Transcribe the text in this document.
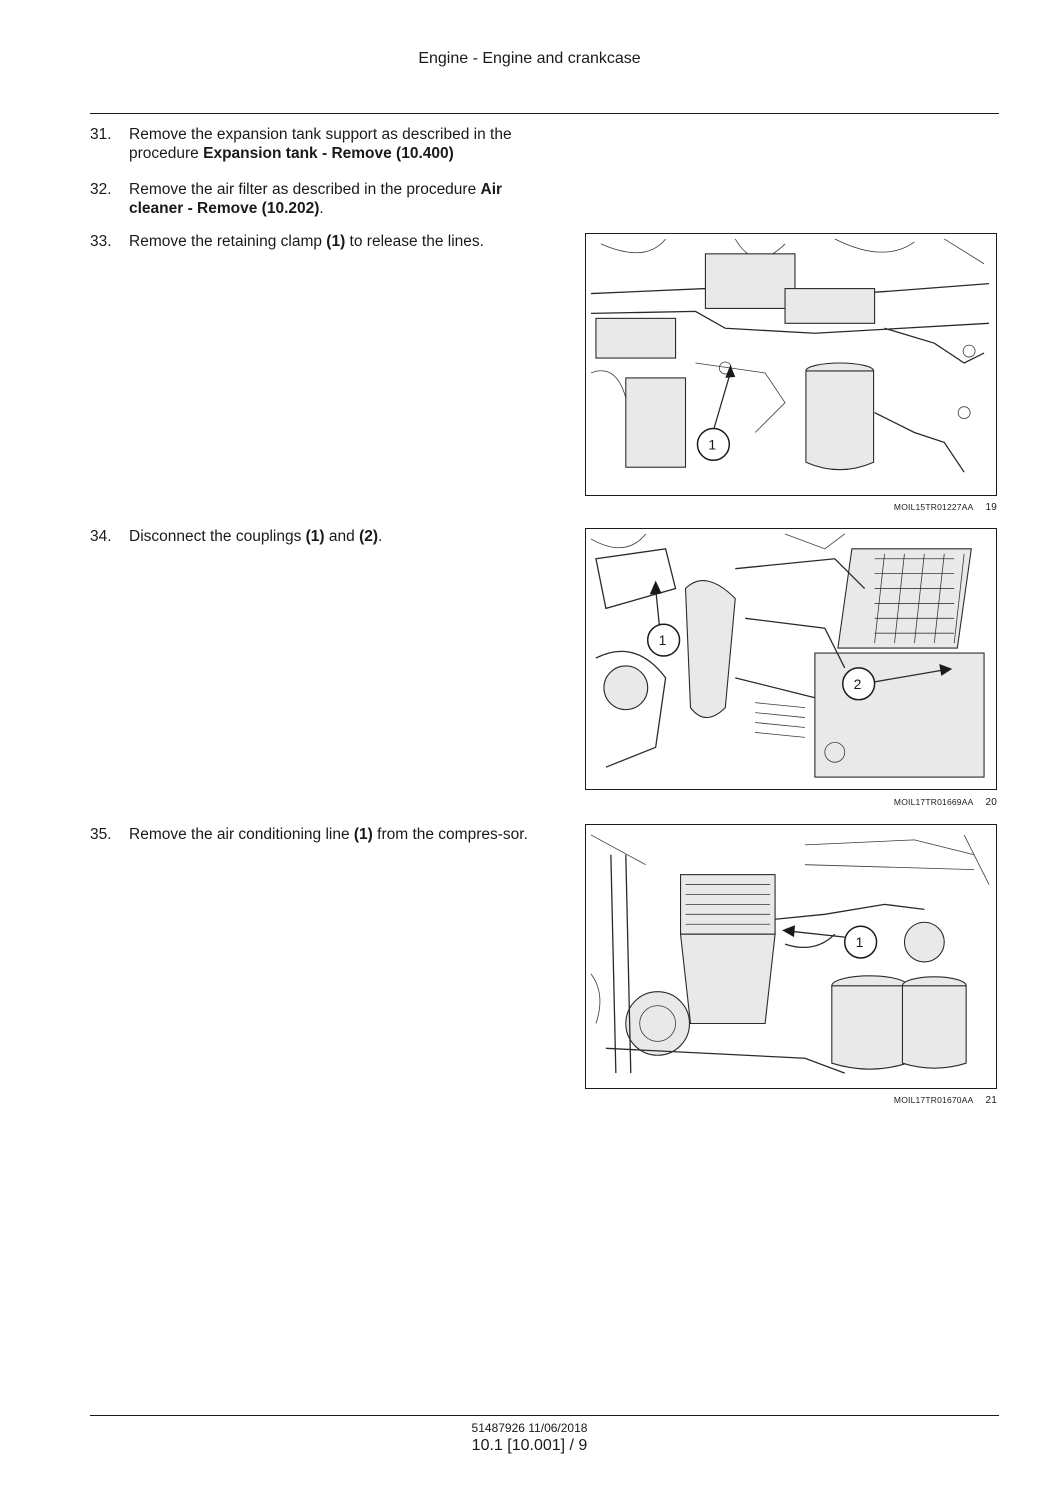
Engine - Engine and crankcase
31. Remove the expansion tank support as described in the procedure Expansion tank - Remove (10.400)
32. Remove the air filter as described in the procedure Air cleaner - Remove (10.202).
33. Remove the retaining clamp (1) to release the lines.
1
MOIL15TR01227AA 19
34. Disconnect the couplings (1) and (2).
1
2
MOIL17TR01669AA 20
35. Remove the air conditioning line (1) from the compres-sor.
1
MOIL17TR01670AA 21
51487926 11/06/2018
10.1 [10.001] / 9
